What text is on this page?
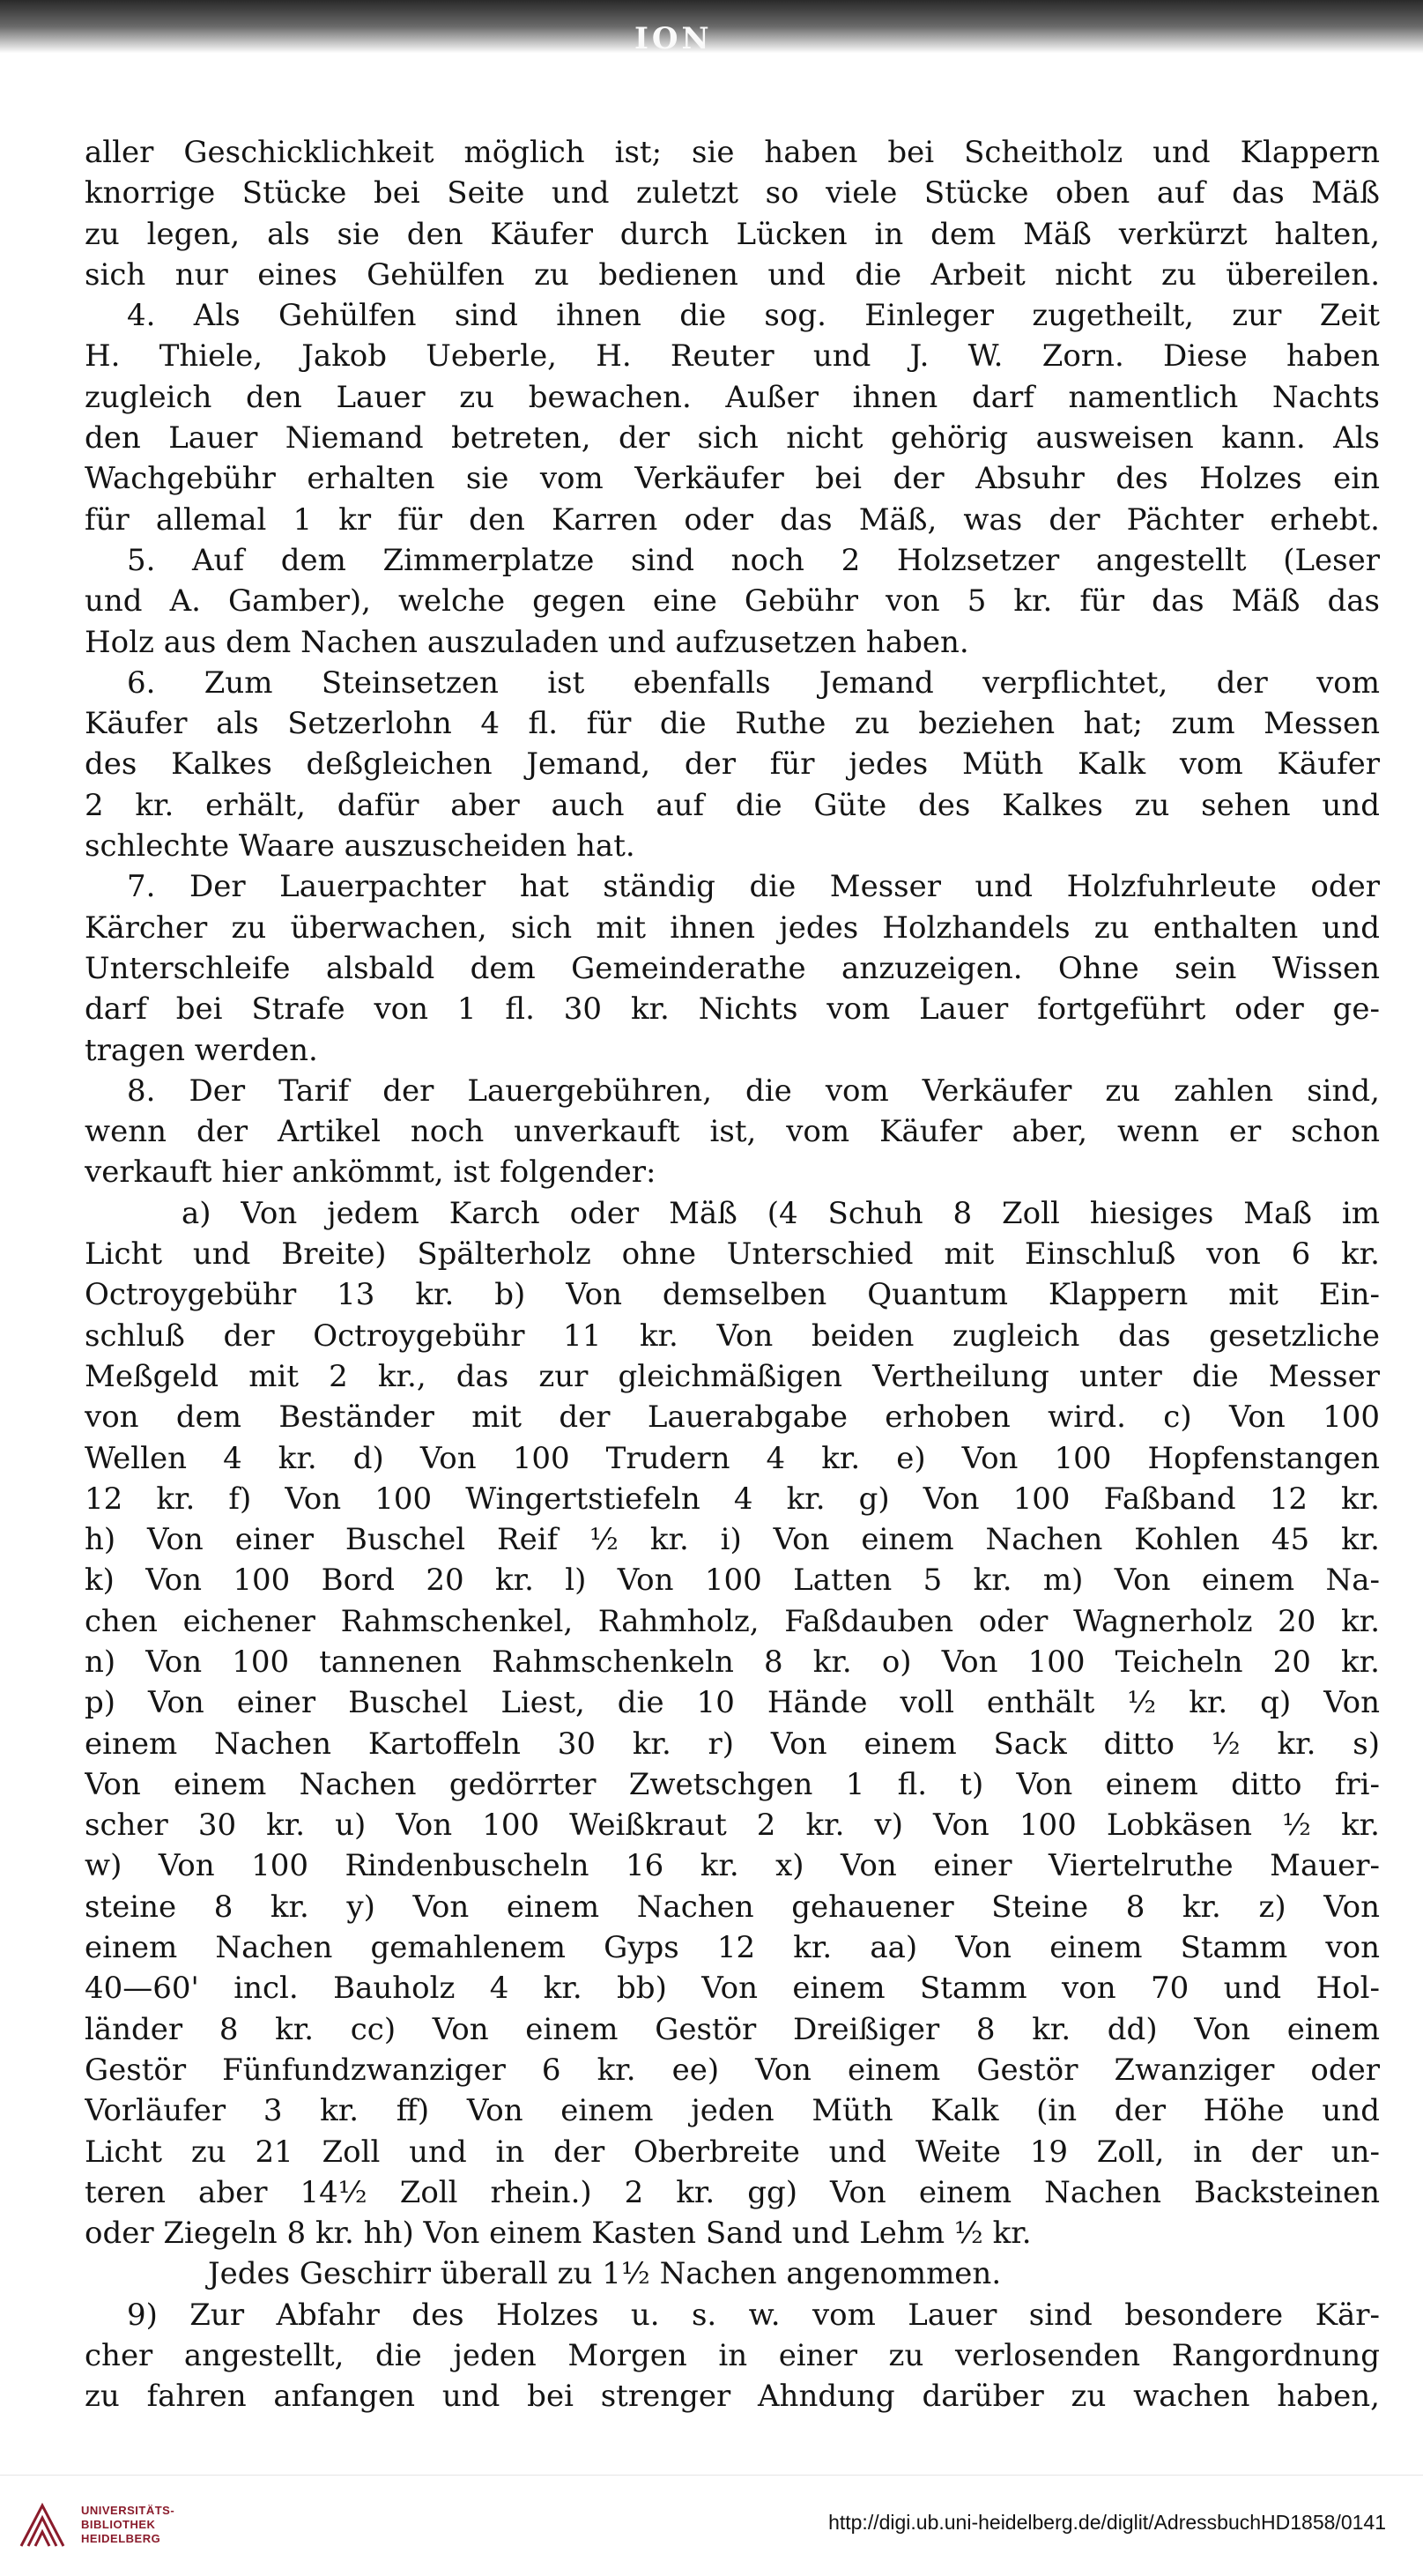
ION
aller Geschicklichkeit möglich ist; sie haben bei Scheitholz und Klappern
knorrige Stücke bei Seite und zuletzt so viele Stücke oben auf das Mäß
zu legen, als sie den Käufer durch Lücken in dem Mäß verkürzt halten,
sich nur eines Gehülfen zu bedienen und die Arbeit nicht zu übereilen.
4. Als Gehülfen sind ihnen die sog. Einleger zugetheilt, zur Zeit
H. Thiele, Jakob Ueberle, H. Reuter und J. W. Zorn. Diese haben
zugleich den Lauer zu bewachen. Außer ihnen darf namentlich Nachts
den Lauer Niemand betreten, der sich nicht gehörig ausweisen kann. Als
Wachgebühr erhalten sie vom Verkäufer bei der Absuhr des Holzes ein
für allemal 1 kr für den Karren oder das Mäß, was der Pächter erhebt.
5. Auf dem Zimmerplatze sind noch 2 Holzsetzer angestellt (Leser
und A. Gamber), welche gegen eine Gebühr von 5 kr. für das Mäß das
Holz aus dem Nachen auszuladen und aufzusetzen haben.
6. Zum Steinsetzen ist ebenfalls Jemand verpflichtet, der vom
Käufer als Setzerlohn 4 fl. für die Ruthe zu beziehen hat; zum Messen
des Kalkes deßgleichen Jemand, der für jedes Müth Kalk vom Käufer
2 kr. erhält, dafür aber auch auf die Güte des Kalkes zu sehen und
schlechte Waare auszuscheiden hat.
7. Der Lauerpachter hat ständig die Messer und Holzfuhrleute oder
Kärcher zu überwachen, sich mit ihnen jedes Holzhandels zu enthalten und
Unterschleife alsbald dem Gemeinderathe anzuzeigen. Ohne sein Wissen
darf bei Strafe von 1 fl. 30 kr. Nichts vom Lauer fortgeführt oder ge-
tragen werden.
8. Der Tarif der Lauergebühren, die vom Verkäufer zu zahlen sind,
wenn der Artikel noch unverkauft ist, vom Käufer aber, wenn er schon
verkauft hier ankömmt, ist folgender:
a) Von jedem Karch oder Mäß (4 Schuh 8 Zoll hiesiges Maß im
Licht und Breite) Spälterholz ohne Unterschied mit Einschluß von 6 kr.
Octroygebühr 13 kr. b) Von demselben Quantum Klappern mit Ein-
schluß der Octroygebühr 11 kr. Von beiden zugleich das gesetzliche
Meßgeld mit 2 kr., das zur gleichmäßigen Vertheilung unter die Messer
von dem Beständer mit der Lauerabgabe erhoben wird. c) Von 100
Wellen 4 kr. d) Von 100 Trudern 4 kr. e) Von 100 Hopfenstangen
12 kr. f) Von 100 Wingertstiefeln 4 kr. g) Von 100 Faßband 12 kr.
h) Von einer Buschel Reif ½ kr. i) Von einem Nachen Kohlen 45 kr.
k) Von 100 Bord 20 kr. l) Von 100 Latten 5 kr. m) Von einem Na-
chen eichener Rahmschenkel, Rahmholz, Faßdauben oder Wagnerholz 20 kr.
n) Von 100 tannenen Rahmschenkeln 8 kr. o) Von 100 Teicheln 20 kr.
p) Von einer Buschel Liest, die 10 Hände voll enthält ½ kr. q) Von
einem Nachen Kartoffeln 30 kr. r) Von einem Sack ditto ½ kr. s)
Von einem Nachen gedörrter Zwetschgen 1 fl. t) Von einem ditto fri-
scher 30 kr. u) Von 100 Weißkraut 2 kr. v) Von 100 Lobkäsen ½ kr.
w) Von 100 Rindenbuscheln 16 kr. x) Von einer Viertelruthe Mauer-
steine 8 kr. y) Von einem Nachen gehauener Steine 8 kr. z) Von
einem Nachen gemahlenem Gyps 12 kr. aa) Von einem Stamm von
40—60' incl. Bauholz 4 kr. bb) Von einem Stamm von 70 und Hol-
länder 8 kr. cc) Von einem Gestör Dreißiger 8 kr. dd) Von einem
Gestör Fünfundzwanziger 6 kr. ee) Von einem Gestör Zwanziger oder
Vorläufer 3 kr. ff) Von einem jeden Müth Kalk (in der Höhe und
Licht zu 21 Zoll und in der Oberbreite und Weite 19 Zoll, in der un-
teren aber 14½ Zoll rhein.) 2 kr. gg) Von einem Nachen Backsteinen
oder Ziegeln 8 kr. hh) Von einem Kasten Sand und Lehm ½ kr.
Jedes Geschirr überall zu 1½ Nachen angenommen.
9) Zur Abfahr des Holzes u. s. w. vom Lauer sind besondere Kär-
cher angestellt, die jeden Morgen in einer zu verlosenden Rangordnung
zu fahren anfangen und bei strenger Ahndung darüber zu wachen haben,
UNIVERSITÄTS-
BIBLIOTHEK
HEIDELBERG
http://digi.ub.uni-heidelberg.de/diglit/AdressbuchHD1858/0141
